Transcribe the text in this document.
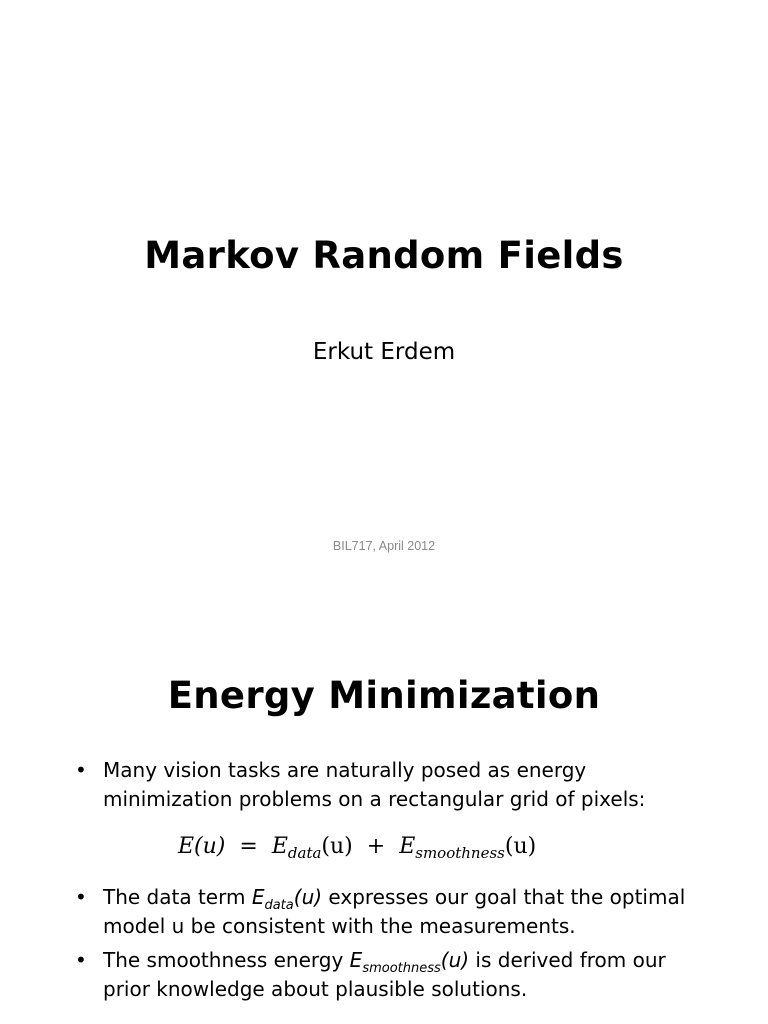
Markov Random Fields
Erkut Erdem
BIL717, April 2012
Energy Minimization
• Many vision tasks are naturally posed as energy minimization problems on a rectangular grid of pixels:
$E(u) = E_{data}(u) + E_{smoothness}(u)$
• The data term $E_{data}(u)$ expresses our goal that the optimal model u be consistent with the measurements.
• The smoothness energy $E_{smoothness}(u)$ is derived from our prior knowledge about plausible solutions.
